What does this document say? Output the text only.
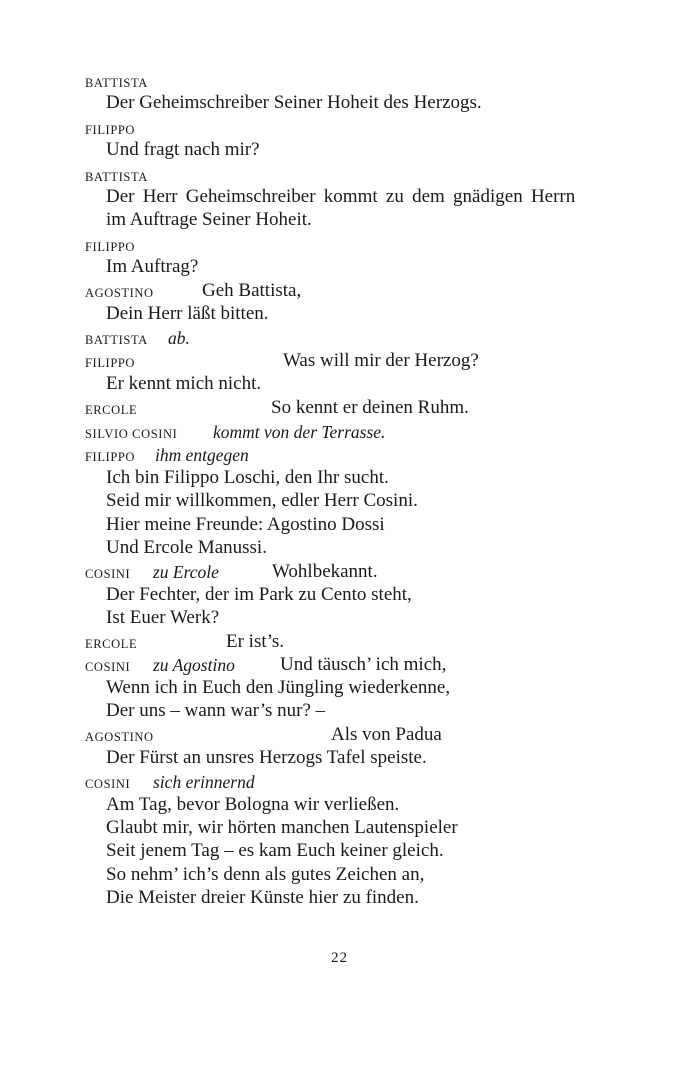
BATTISTA
Der Geheimschreiber Seiner Hoheit des Herzogs.
FILIPPO
Und fragt nach mir?
BATTISTA
Der Herr Geheimschreiber kommt zu dem gnädigen Herrn
im Auftrage Seiner Hoheit.
FILIPPO
Im Auftrag?
AGOSTINO	Geh Battista,
Dein Herr läßt bitten.
BATTISTA ab.
FILIPPO	Was will mir der Herzog?
Er kennt mich nicht.
ERCOLE	So kennt er deinen Ruhm.
SILVIO COSINI kommt von der Terrasse.
FILIPPO ihm entgegen
Ich bin Filippo Loschi, den Ihr sucht.
Seid mir willkommen, edler Herr Cosini.
Hier meine Freunde: Agostino Dossi
Und Ercole Manussi.
COSINI zu Ercole	Wohlbekannt.
Der Fechter, der im Park zu Cento steht,
Ist Euer Werk?
ERCOLE	Er ist’s.
COSINI zu Agostino Und täusch’ ich mich,
Wenn ich in Euch den Jüngling wiederkenne,
Der uns – wann war’s nur? –
AGOSTINO	Als von Padua
Der Fürst an unsres Herzogs Tafel speiste.
COSINI sich erinnernd
Am Tag, bevor Bologna wir verließen.
Glaubt mir, wir hörten manchen Lautenspieler
Seit jenem Tag – es kam Euch keiner gleich.
So nehm’ ich’s denn als gutes Zeichen an,
Die Meister dreier Künste hier zu finden.
22
